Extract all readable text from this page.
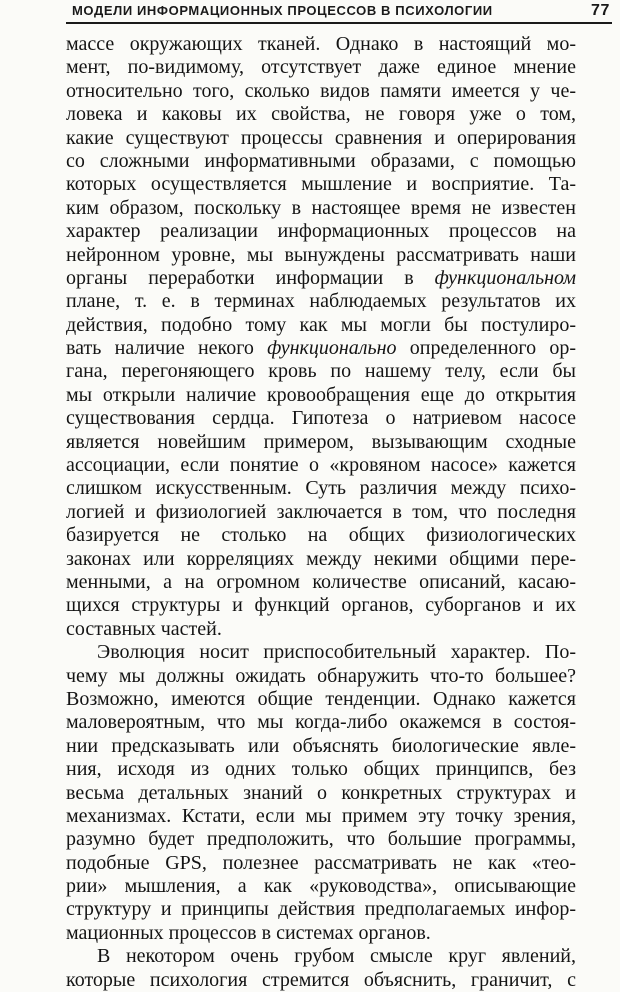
МОДЕЛИ ИНФОРМАЦИОННЫХ ПРОЦЕССОВ В ПСИХОЛОГИИ	77
массе окружающих тканей. Однако в настоящий мо-
мент, по-видимому, отсутствует даже единое мнение
относительно того, сколько видов памяти имеется у че-
ловека и каковы их свойства, не говоря уже о том,
какие существуют процессы сравнения и оперирования
со сложными информативными образами, с помощью
которых осуществляется мышление и восприятие. Та-
ким образом, поскольку в настоящее время не известен
характер реализации информационных процессов на
нейронном уровне, мы вынуждены рассматривать наши
органы переработки информации в функциональном
плане, т. е. в терминах наблюдаемых результатов их
действия, подобно тому как мы могли бы постулиро-
вать наличие некого функционально определенного ор-
гана, перегоняющего кровь по нашему телу, если бы
мы открыли наличие кровообращения еще до открытия
существования сердца. Гипотеза о натриевом насосе
является новейшим примером, вызывающим сходные
ассоциации, если понятие о «кровяном насосе» кажется
слишком искусственным. Суть различия между психо-
логией и физиологией заключается в том, что последня
базируется не столько на общих физиологических
законах или корреляциях между некими общими пере-
менными, а на огромном количестве описаний, касаю-
щихся структуры и функций органов, суборганов и их
составных частей.
Эволюция носит приспособительный характер. По-
чему мы должны ожидать обнаружить что-то большее?
Возможно, имеются общие тенденции. Однако кажется
маловероятным, что мы когда-либо окажемся в состоя-
нии предсказывать или объяснять биологические явле-
ния, исходя из одних только общих принципсв, без
весьма детальных знаний о конкретных структурах и
механизмах. Кстати, если мы примем эту точку зрения,
разумно будет предположить, что большие программы,
подобные GPS, полезнее рассматривать не как «тео-
рии» мышления, а как «руководства», описывающие
структуру и принципы действия предполагаемых инфор-
мационных процессов в системах органов.
В некотором очень грубом смысле круг явлений,
которые психология стремится объяснить, граничит, с
